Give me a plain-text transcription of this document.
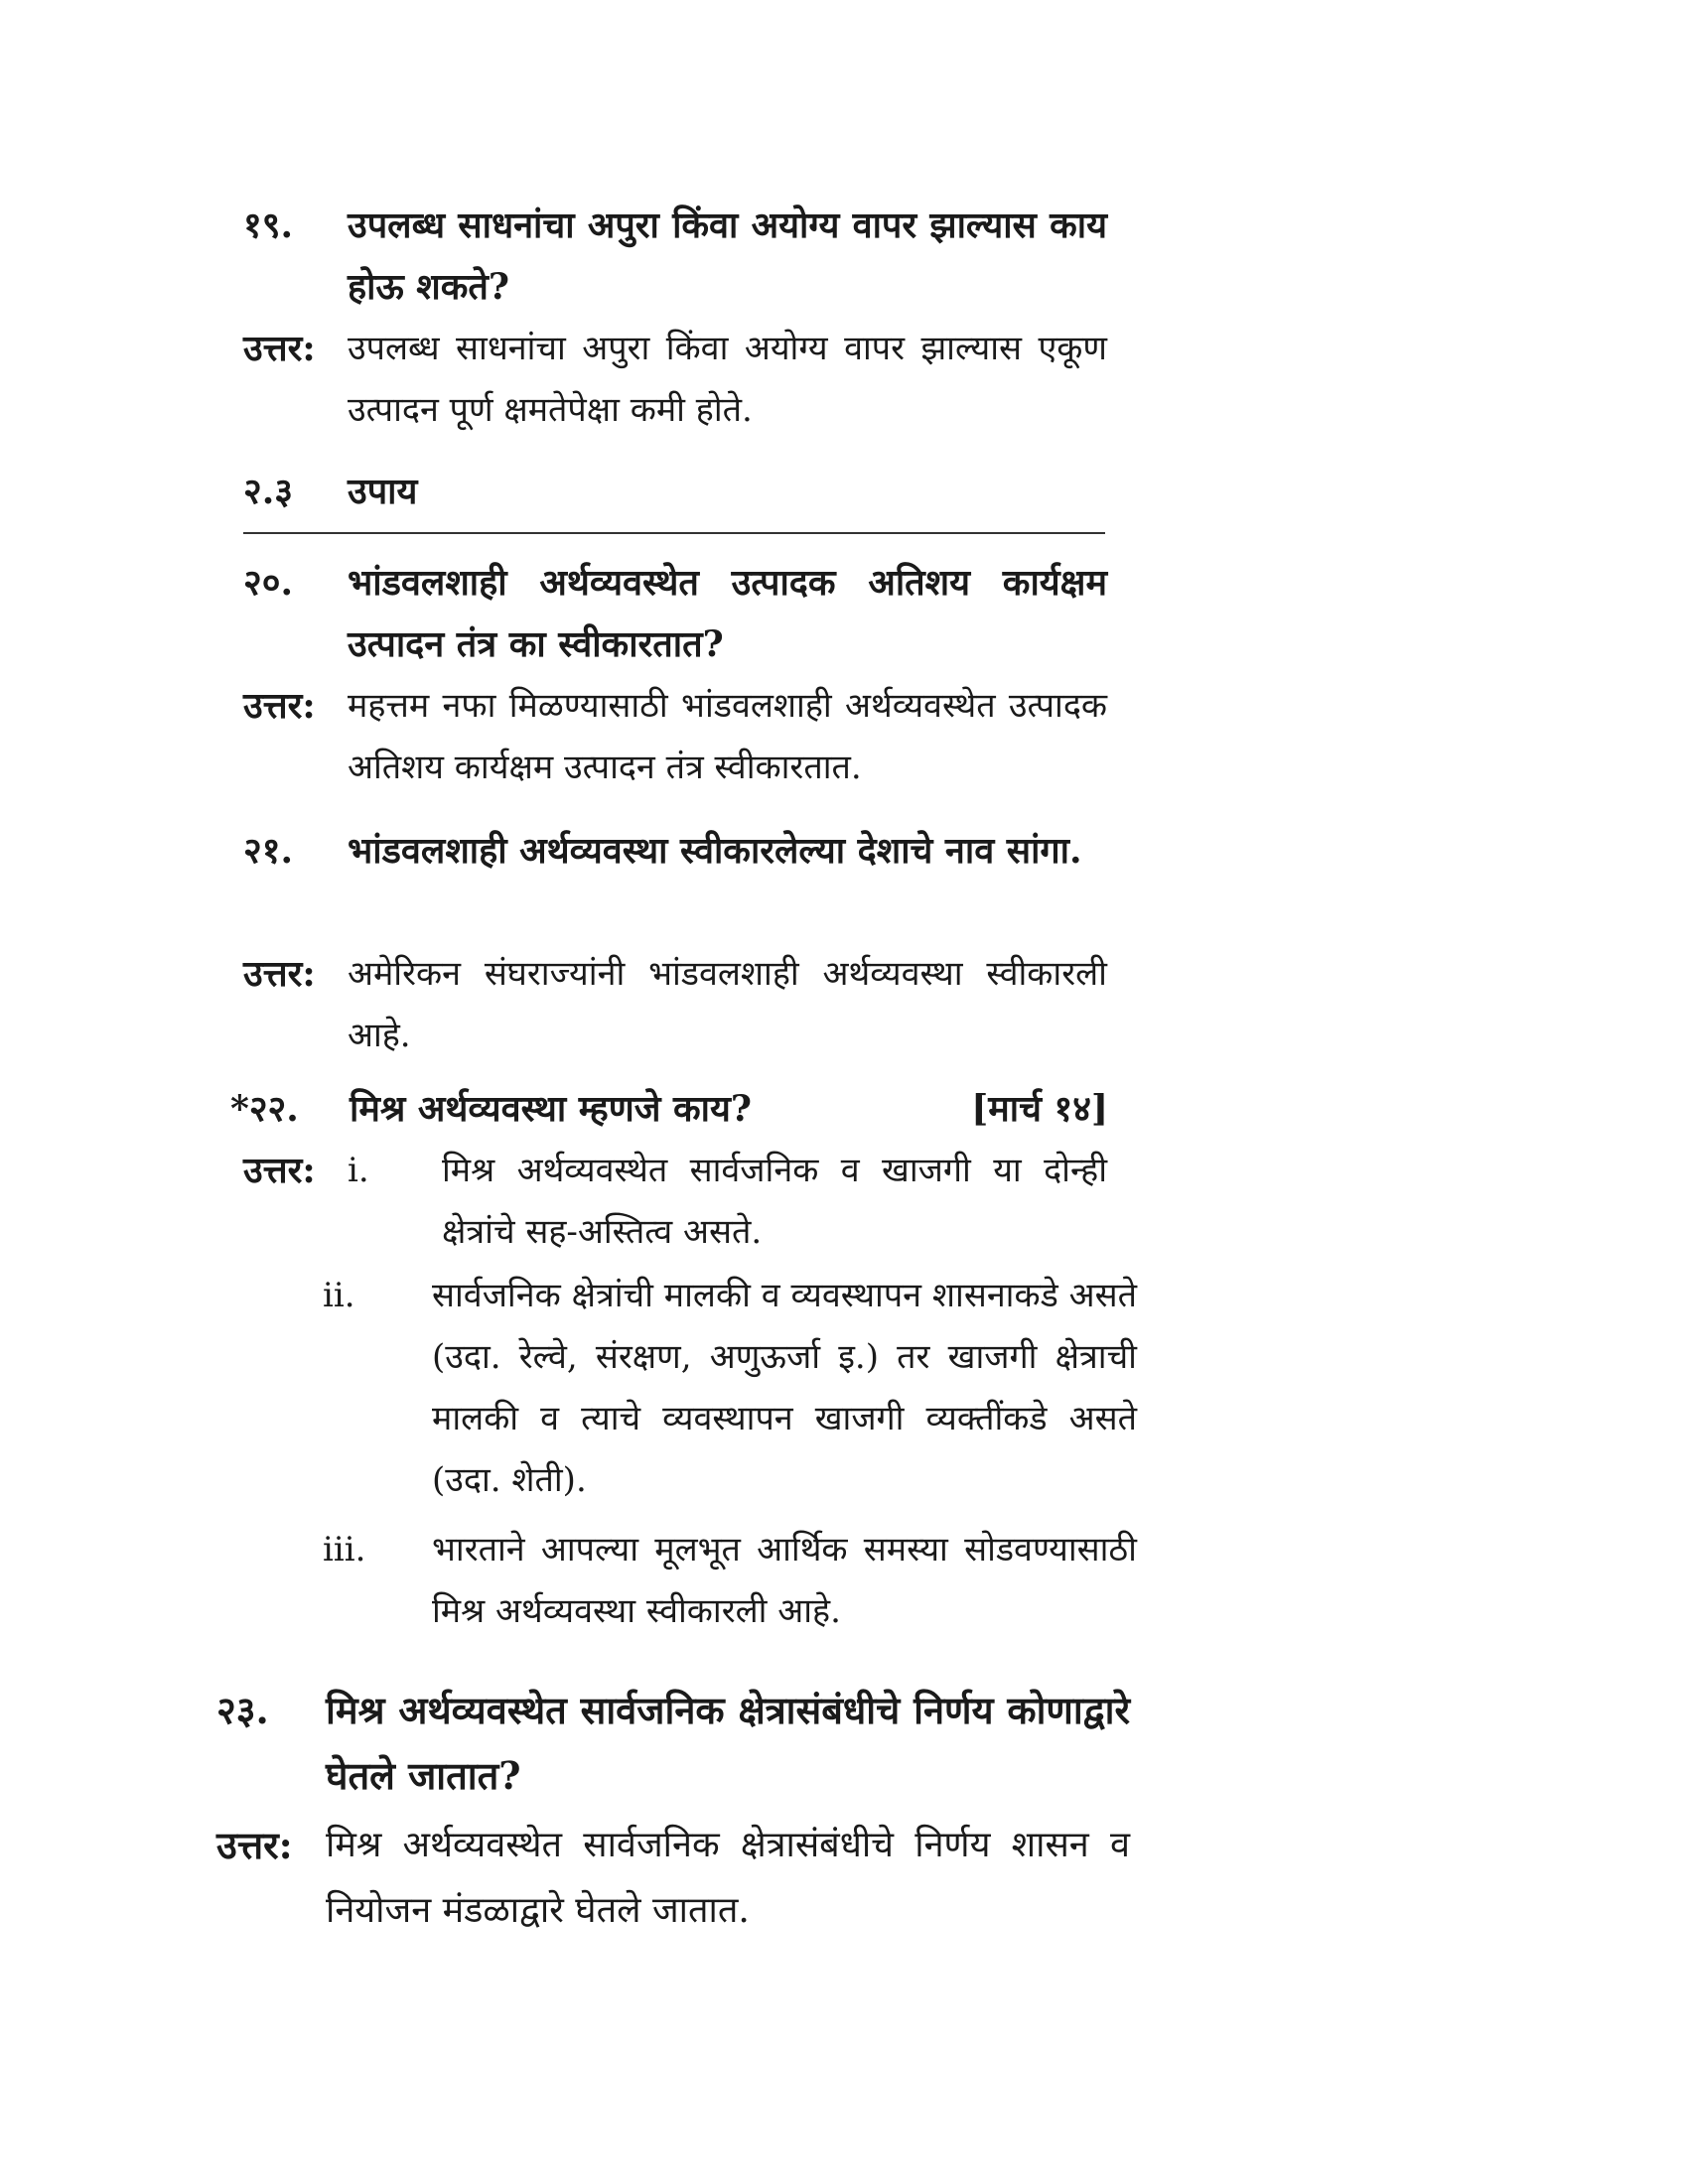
१९. उपलब्ध साधनांचा अपुरा किंवा अयोग्य वापर झाल्यास काय होऊ शकते?
उत्तर: उपलब्ध साधनांचा अपुरा किंवा अयोग्य वापर झाल्यास एकूण उत्पादन पूर्ण क्षमतेपेक्षा कमी होते.
२.३ उपाय
२०. भांडवलशाही अर्थव्यवस्थेत उत्पादक अतिशय कार्यक्षम उत्पादन तंत्र का स्वीकारतात?
उत्तर: महत्तम नफा मिळण्यासाठी भांडवलशाही अर्थव्यवस्थेत उत्पादक अतिशय कार्यक्षम उत्पादन तंत्र स्वीकारतात.
२१. भांडवलशाही अर्थव्यवस्था स्वीकारलेल्या देशाचे नाव सांगा.
उत्तर: अमेरिकन संघराज्यांनी भांडवलशाही अर्थव्यवस्था स्वीकारली आहे.
*२२. मिश्र अर्थव्यवस्था म्हणजे काय?	[मार्च १४]
उत्तर: i. मिश्र अर्थव्यवस्थेत सार्वजनिक व खाजगी या दोन्ही क्षेत्रांचे सह-अस्तित्व असते.
ii. सार्वजनिक क्षेत्रांची मालकी व व्यवस्थापन शासनाकडे असते (उदा. रेल्वे, संरक्षण, अणुऊर्जा इ.) तर खाजगी क्षेत्राची मालकी व त्याचे व्यवस्थापन खाजगी व्यक्तींकडे असते (उदा. शेती).
iii. भारताने आपल्या मूलभूत आर्थिक समस्या सोडवण्यासाठी मिश्र अर्थव्यवस्था स्वीकारली आहे.
२३. मिश्र अर्थव्यवस्थेत सार्वजनिक क्षेत्रासंबंधीचे निर्णय कोणाद्वारे घेतले जातात?
उत्तर: मिश्र अर्थव्यवस्थेत सार्वजनिक क्षेत्रासंबंधीचे निर्णय शासन व नियोजन मंडळाद्वारे घेतले जातात.
